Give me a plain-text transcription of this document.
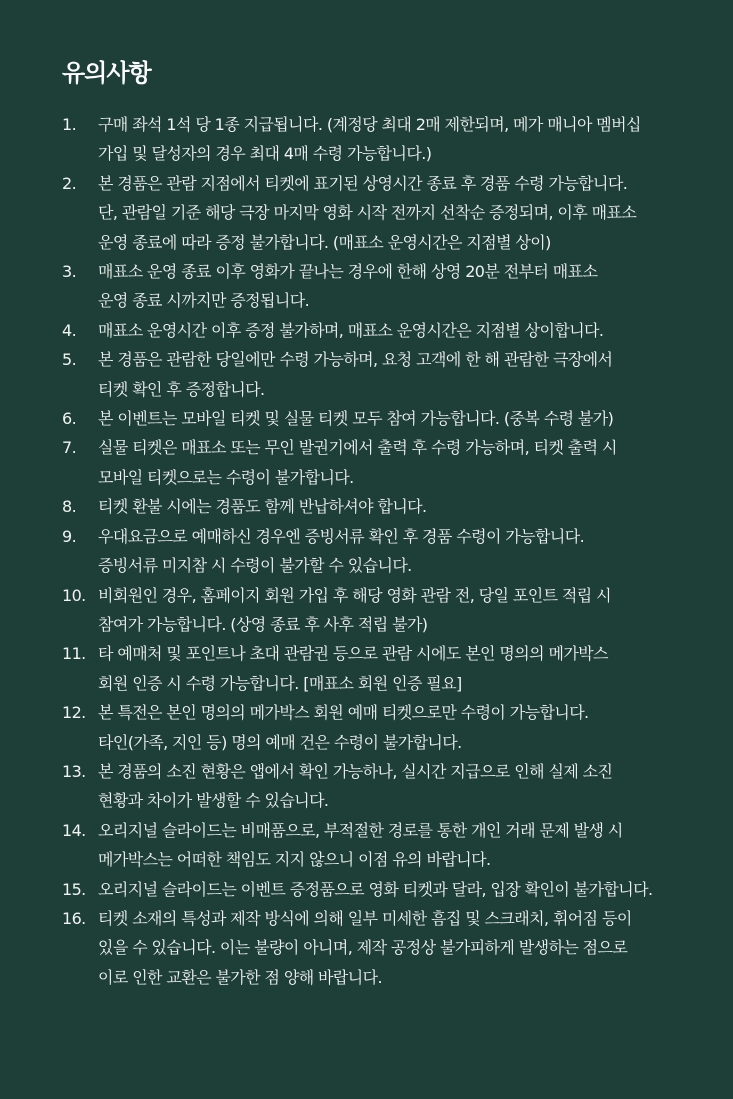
유의사항
1. 구매 좌석 1석 당 1종 지급됩니다. (계정당 최대 2매 제한되며, 메가 매니아 멤버십
가입 및 달성자의 경우 최대 4매 수령 가능합니다.)
2. 본 경품은 관람 지점에서 티켓에 표기된 상영시간 종료 후 경품 수령 가능합니다.
단, 관람일 기준 해당 극장 마지막 영화 시작 전까지 선착순 증정되며, 이후 매표소
운영 종료에 따라 증정 불가합니다. (매표소 운영시간은 지점별 상이)
3. 매표소 운영 종료 이후 영화가 끝나는 경우에 한해 상영 20분 전부터 매표소
운영 종료 시까지만 증정됩니다.
4. 매표소 운영시간 이후 증정 불가하며, 매표소 운영시간은 지점별 상이합니다.
5. 본 경품은 관람한 당일에만 수령 가능하며, 요청 고객에 한 해 관람한 극장에서
티켓 확인 후 증정합니다.
6. 본 이벤트는 모바일 티켓 및 실물 티켓 모두 참여 가능합니다. (중복 수령 불가)
7. 실물 티켓은 매표소 또는 무인 발권기에서 출력 후 수령 가능하며, 티켓 출력 시
모바일 티켓으로는 수령이 불가합니다.
8. 티켓 환불 시에는 경품도 함께 반납하셔야 합니다.
9. 우대요금으로 예매하신 경우엔 증빙서류 확인 후 경품 수령이 가능합니다.
증빙서류 미지참 시 수령이 불가할 수 있습니다.
10. 비회원인 경우, 홈페이지 회원 가입 후 해당 영화 관람 전, 당일 포인트 적립 시
참여가 가능합니다. (상영 종료 후 사후 적립 불가)
11. 타 예매처 및 포인트나 초대 관람권 등으로 관람 시에도 본인 명의의 메가박스
회원 인증 시 수령 가능합니다. [매표소 회원 인증 필요]
12. 본 특전은 본인 명의의 메가박스 회원 예매 티켓으로만 수령이 가능합니다.
타인(가족, 지인 등) 명의 예매 건은 수령이 불가합니다.
13. 본 경품의 소진 현황은 앱에서 확인 가능하나, 실시간 지급으로 인해 실제 소진
현황과 차이가 발생할 수 있습니다.
14. 오리지널 슬라이드는 비매품으로, 부적절한 경로를 통한 개인 거래 문제 발생 시
메가박스는 어떠한 책임도 지지 않으니 이점 유의 바랍니다.
15. 오리지널 슬라이드는 이벤트 증정품으로 영화 티켓과 달라, 입장 확인이 불가합니다.
16. 티켓 소재의 특성과 제작 방식에 의해 일부 미세한 흠집 및 스크래치, 휘어짐 등이
있을 수 있습니다. 이는 불량이 아니며, 제작 공정상 불가피하게 발생하는 점으로
이로 인한 교환은 불가한 점 양해 바랍니다.
